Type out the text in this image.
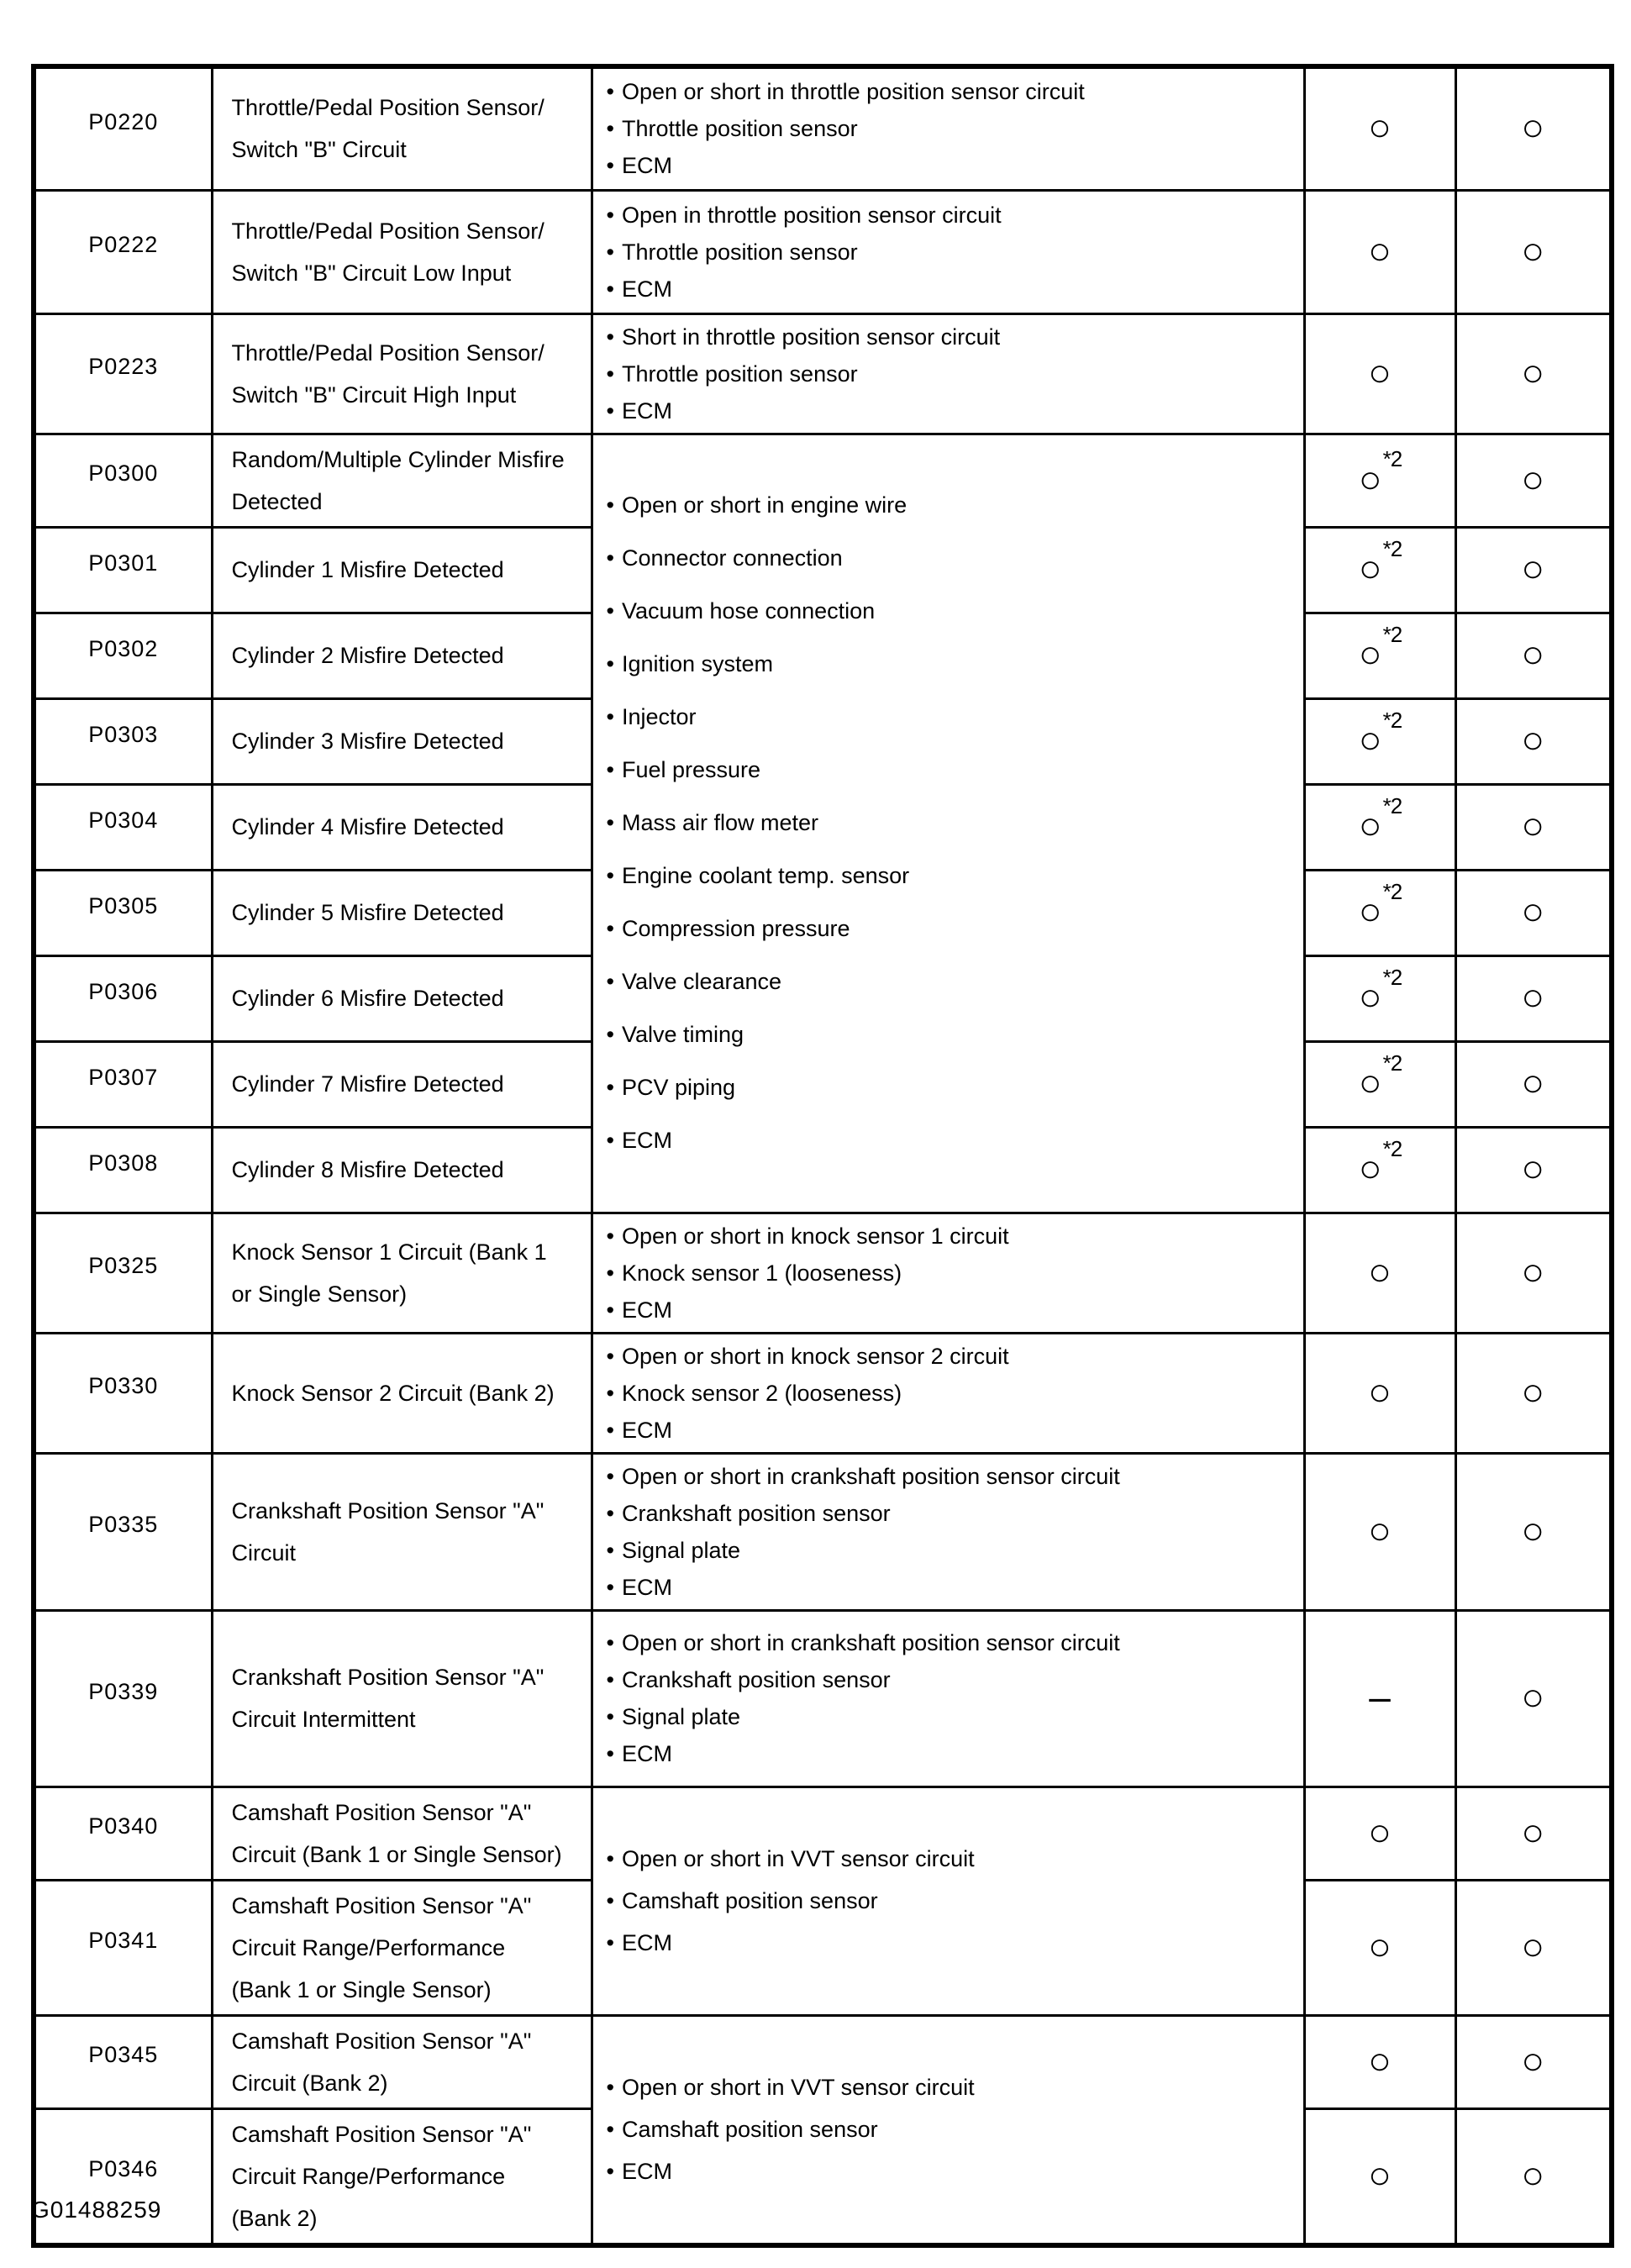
P0220	
Throttle/Pedal Position Sensor/
Switch "B" Circuit

• Open or short in throttle position sensor circuit
• Throttle position sensor
• ECM
	○	○
P0222	
Throttle/Pedal Position Sensor/
Switch "B" Circuit Low Input

• Open in throttle position sensor circuit
• Throttle position sensor
• ECM
	○	○
P0223	
Throttle/Pedal Position Sensor/
Switch "B" Circuit High Input

• Short in throttle position sensor circuit
• Throttle position sensor
• ECM
	○	○
P0300	
Random/Multiple Cylinder Misfire
Detected	• Open or short in engine wire
• Connector connection
• Vacuum hose connection
• Ignition system
• Injector
• Fuel pressure
• Mass air flow meter
• Engine coolant temp. sensor
• Compression pressure
• Valve clearance
• Valve timing
• PCV piping
• ECM
	○$^{*2}$	○
P0301	Cylinder 1 Misfire Detected		○$^{*2}$	○
P0302	Cylinder 2 Misfire Detected		○$^{*2}$	○
P0303	Cylinder 3 Misfire Detected		○$^{*2}$	○
P0304	Cylinder 4 Misfire Detected		○$^{*2}$	○
P0305	Cylinder 5 Misfire Detected		○$^{*2}$	○
P0306	Cylinder 6 Misfire Detected		○$^{*2}$	○
P0307	Cylinder 7 Misfire Detected		○$^{*2}$	○
P0308	Cylinder 8 Misfire Detected		○$^{*2}$	○
P0325	
Knock Sensor 1 Circuit (Bank 1
or Single Sensor)

• Open or short in knock sensor 1 circuit
• Knock sensor 1 (looseness)
• ECM
	○	○
P0330	Knock Sensor 2 Circuit (Bank 2)	• Open or short in knock sensor 2 circuit
• Knock sensor 2 (looseness)
• ECM	○	○
P0335	
Crankshaft Position Sensor "A"
Circuit

• Open or short in crankshaft position sensor circuit
• Crankshaft position sensor
• Signal plate
• ECM
	○	○
P0339	
Crankshaft Position Sensor "A"
Circuit Intermittent

• Open or short in crankshaft position sensor circuit
• Crankshaft position sensor
• Signal plate
• ECM
	–	○
P0340	
Camshaft Position Sensor "A"
Circuit (Bank 1 or Single Sensor)	• Open or short in VVT sensor circuit
• Camshaft position sensor
• ECM
	○	○
P0341	Camshaft Position Sensor "A"
Circuit Range/Performance
(Bank 1 or Single Sensor)		○	○
P0345	
Camshaft Position Sensor "A"
Circuit (Bank 2)	• Open or short in VVT sensor circuit
• Camshaft position sensor
• ECM
	○	○
P0346	Camshaft Position Sensor "A"
Circuit Range/Performance
(Bank 2)		○	○
G01488259
